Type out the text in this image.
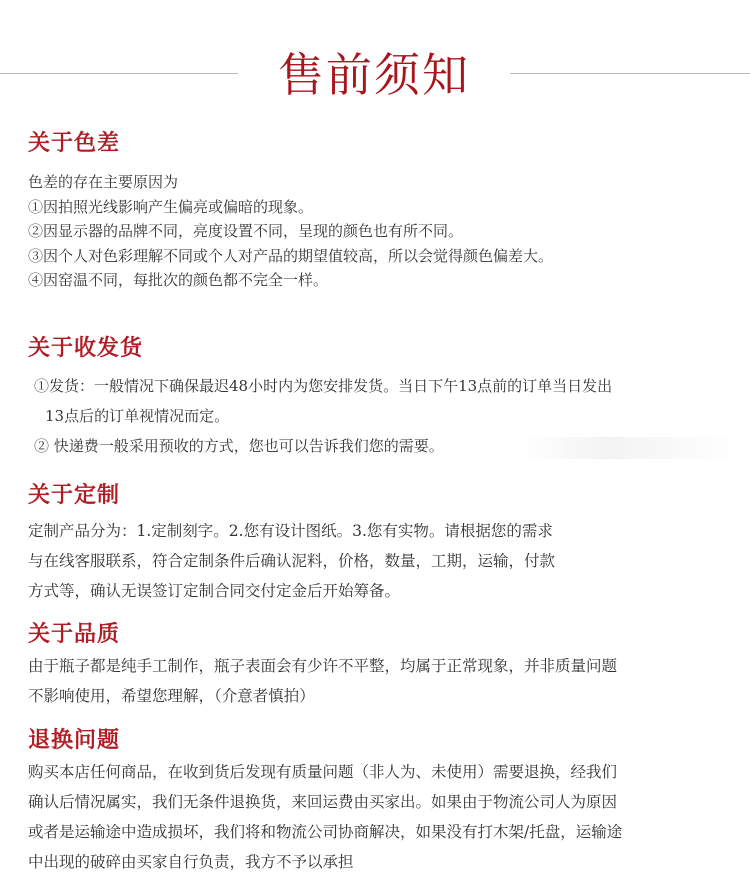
售前须知
关于色差
色差的存在主要原因为
①因拍照光线影响产生偏亮或偏暗的现象。
②因显示器的品牌不同，亮度设置不同，呈现的颜色也有所不同。
③因个人对色彩理解不同或个人对产品的期望值较高，所以会觉得颜色偏差大。
④因窑温不同，每批次的颜色都不完全一样。
关于收发货
①发货：一般情况下确保最迟48小时内为您安排发货。当日下午13点前的订单当日发出
13点后的订单视情况而定。
② 快递费一般采用预收的方式，您也可以告诉我们您的需要。
关于定制
定制产品分为：1.定制刻字。2.您有设计图纸。3.您有实物。请根据您的需求
与在线客服联系，符合定制条件后确认泥料，价格，数量，工期，运输，付款
方式等，确认无误签订定制合同交付定金后开始筹备。
关于品质
由于瓶子都是纯手工制作，瓶子表面会有少许不平整，均属于正常现象，并非质量问题
不影响使用，希望您理解，（介意者慎拍）
退换问题
购买本店任何商品，在收到货后发现有质量问题（非人为、未使用）需要退换，经我们
确认后情况属实，我们无条件退换货，来回运费由买家出。如果由于物流公司人为原因
或者是运输途中造成损坏，我们将和物流公司协商解决，如果没有打木架/托盘，运输途
中出现的破碎由买家自行负责，我方不予以承担
